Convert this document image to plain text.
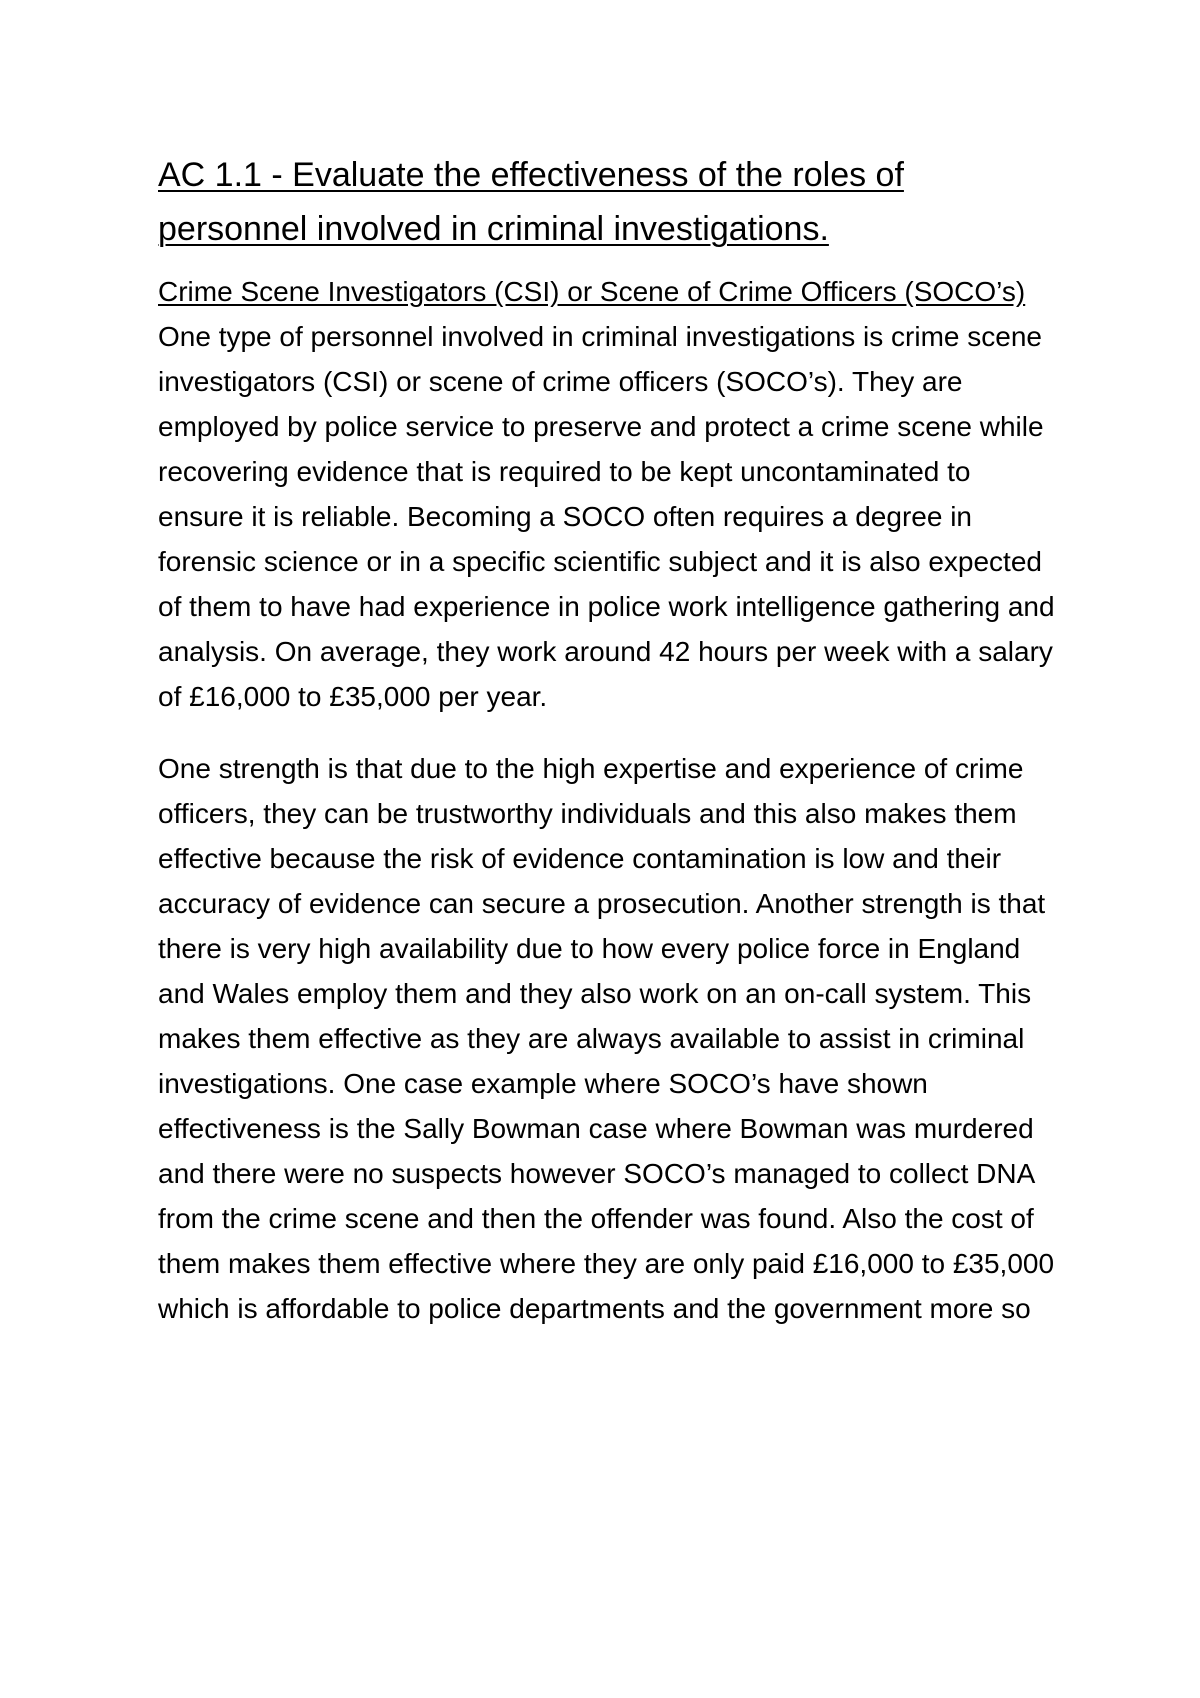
AC 1.1 - Evaluate the effectiveness of the roles of personnel involved in criminal investigations.
Crime Scene Investigators (CSI) or Scene of Crime Officers (SOCO’s)

One type of personnel involved in criminal investigations is crime scene investigators (CSI) or scene of crime officers (SOCO’s). They are employed by police service to preserve and protect a crime scene while recovering evidence that is required to be kept uncontaminated to ensure it is reliable. Becoming a SOCO often requires a degree in forensic science or in a specific scientific subject and it is also expected of them to have had experience in police work intelligence gathering and analysis. On average, they work around 42 hours per week with a salary of £16,000 to £35,000 per year.

One strength is that due to the high expertise and experience of crime officers, they can be trustworthy individuals and this also makes them effective because the risk of evidence contamination is low and their accuracy of evidence can secure a prosecution. Another strength is that there is very high availability due to how every police force in England and Wales employ them and they also work on an on-call system. This makes them effective as they are always available to assist in criminal investigations. One case example where SOCO’s have shown effectiveness is the Sally Bowman case where Bowman was murdered and there were no suspects however SOCO’s managed to collect DNA from the crime scene and then the offender was found. Also the cost of them makes them effective where they are only paid £16,000 to £35,000 which is affordable to police departments and the government more so
